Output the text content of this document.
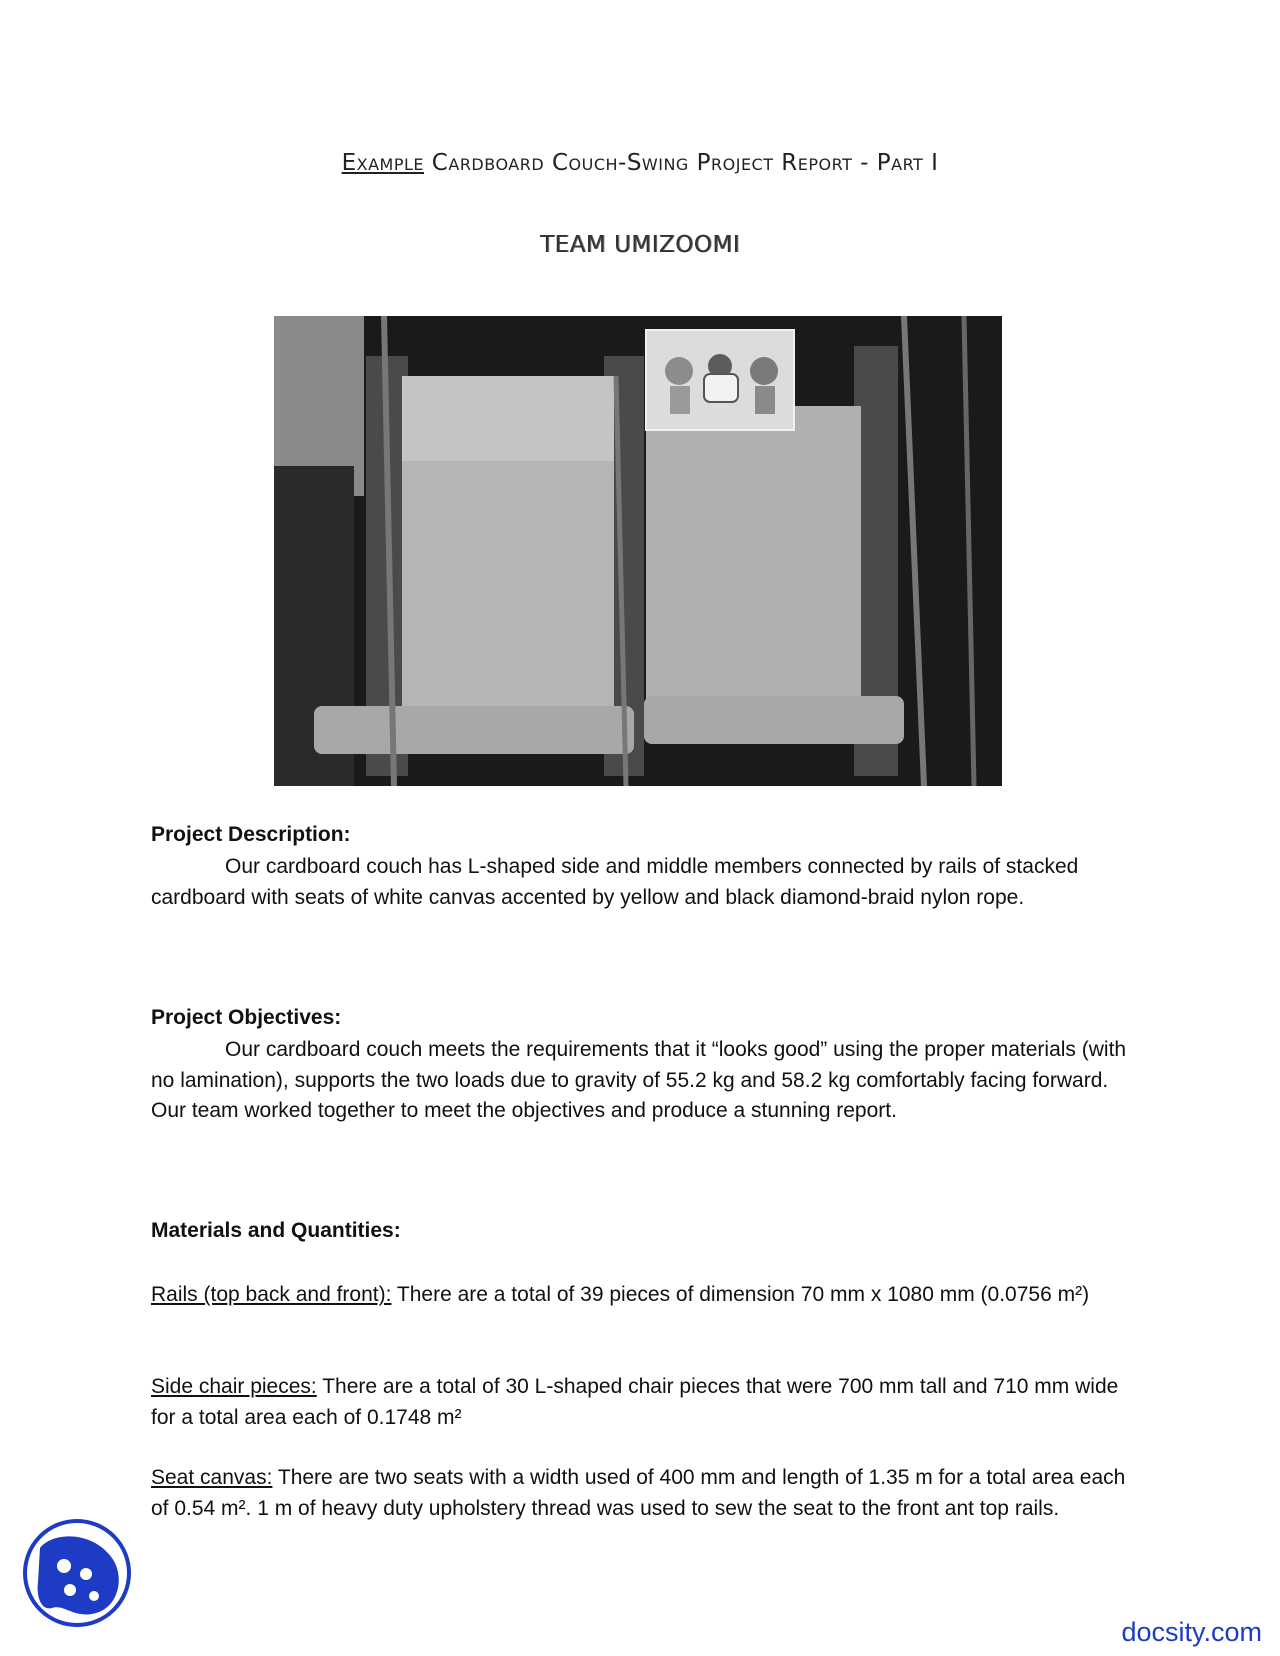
Example Cardboard Couch-Swing Project Report - Part I
TEAM UMIZOOMI
Project Description:
Our cardboard couch has L-shaped side and middle members connected by rails of stacked cardboard with seats of white canvas accented by yellow and black diamond-braid nylon rope.
Project Objectives:
Our cardboard couch meets the requirements that it “looks good” using the proper materials (with no lamination), supports the two loads due to gravity of 55.2 kg and 58.2 kg comfortably facing forward. Our team worked together to meet the objectives and produce a stunning report.
Materials and Quantities:
Rails (top back and front): There are a total of 39 pieces of dimension 70 mm x 1080 mm (0.0756 m²)
Side chair pieces: There are a total of 30 L-shaped chair pieces that were 700 mm tall and 710 mm wide for a total area each of 0.1748 m²
Seat canvas: There are two seats with a width used of 400 mm and length of 1.35 m for a total area each of 0.54 m². 1 m of heavy duty upholstery thread was used to sew the seat to the front ant top rails.
docsity.com
